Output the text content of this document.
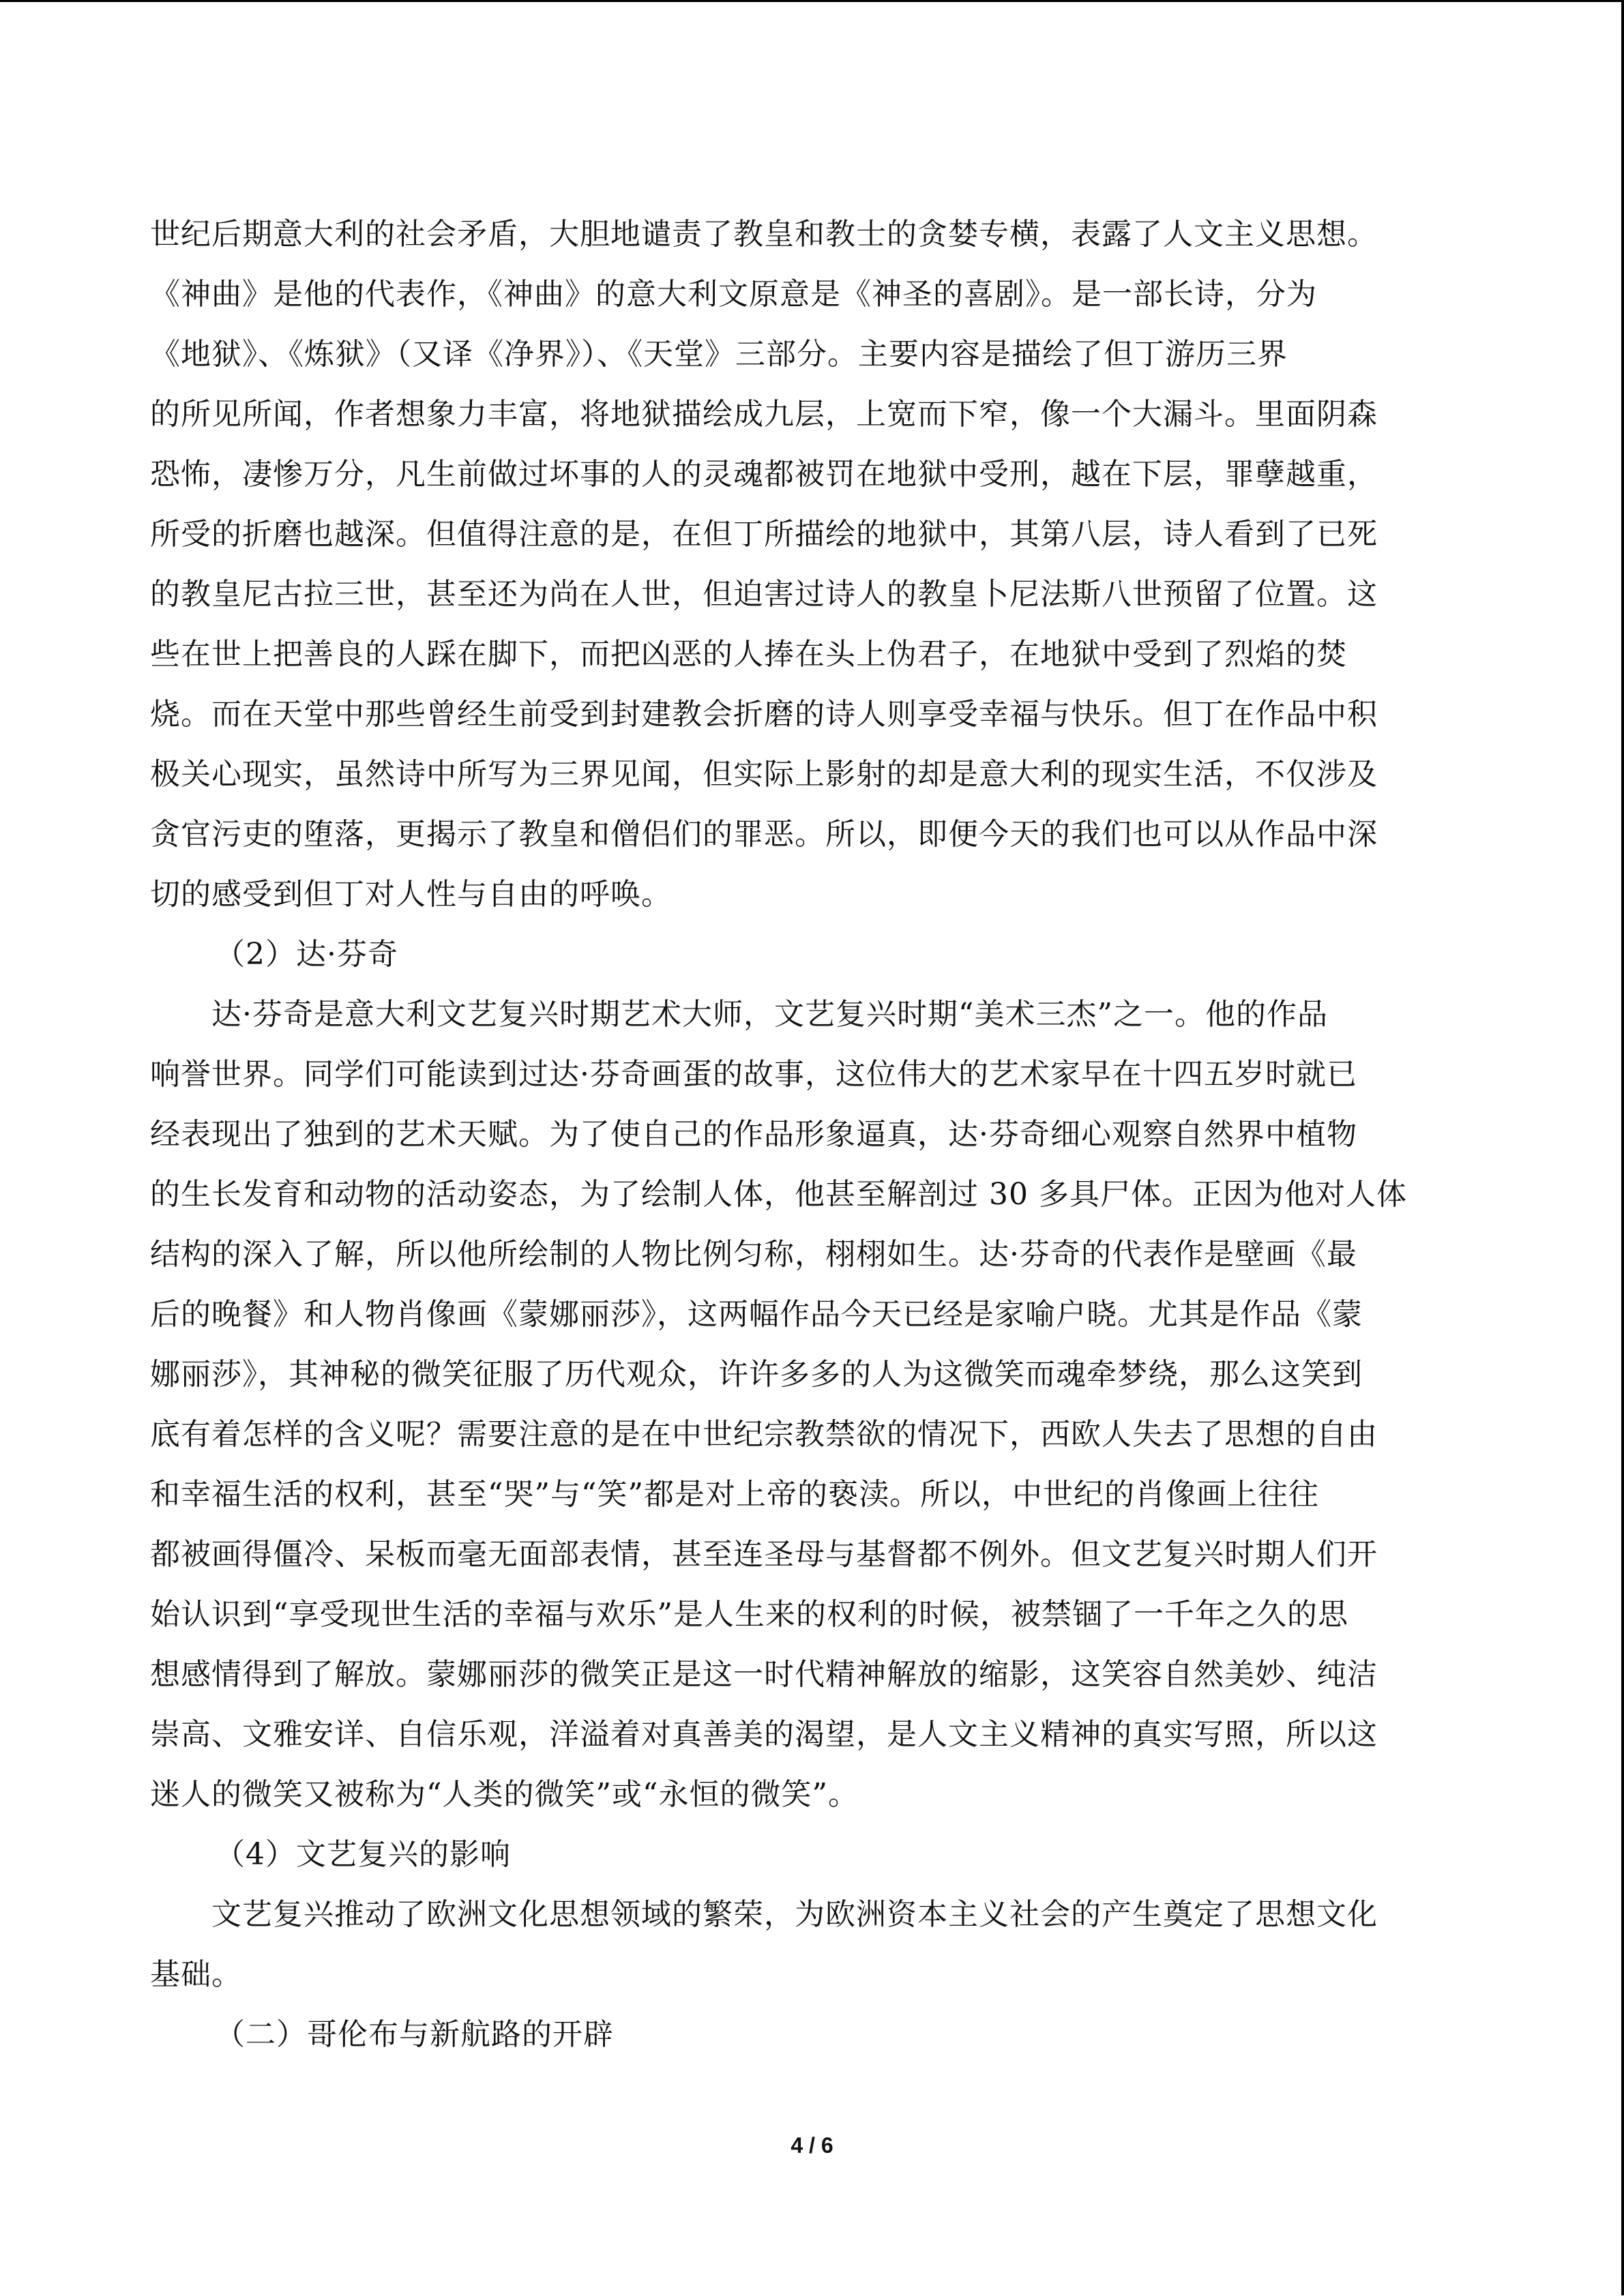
世纪后期意大利的社会矛盾，大胆地谴责了教皇和教士的贪婪专横，表露了人文主义思想。
《神曲》是他的代表作，《神曲》的意大利文原意是《神圣的喜剧》。是一部长诗，分为
《地狱》、《炼狱》（又译《净界》）、《天堂》三部分。主要内容是描绘了但丁游历三界
的所见所闻，作者想象力丰富，将地狱描绘成九层，上宽而下窄，像一个大漏斗。里面阴森
恐怖，凄惨万分，凡生前做过坏事的人的灵魂都被罚在地狱中受刑，越在下层，罪孽越重，
所受的折磨也越深。但值得注意的是，在但丁所描绘的地狱中，其第八层，诗人看到了已死
的教皇尼古拉三世，甚至还为尚在人世，但迫害过诗人的教皇卜尼法斯八世预留了位置。这
些在世上把善良的人踩在脚下，而把凶恶的人捧在头上伪君子，在地狱中受到了烈焰的焚
烧。而在天堂中那些曾经生前受到封建教会折磨的诗人则享受幸福与快乐。但丁在作品中积
极关心现实，虽然诗中所写为三界见闻，但实际上影射的却是意大利的现实生活，不仅涉及
贪官污吏的堕落，更揭示了教皇和僧侣们的罪恶。所以，即便今天的我们也可以从作品中深
切的感受到但丁对人性与自由的呼唤。
（2）达·芬奇
达·芬奇是意大利文艺复兴时期艺术大师，文艺复兴时期“美术三杰”之一。他的作品
响誉世界。同学们可能读到过达·芬奇画蛋的故事，这位伟大的艺术家早在十四五岁时就已
经表现出了独到的艺术天赋。为了使自己的作品形象逼真，达·芬奇细心观察自然界中植物
的生长发育和动物的活动姿态，为了绘制人体，他甚至解剖过 30 多具尸体。正因为他对人体
结构的深入了解，所以他所绘制的人物比例匀称，栩栩如生。达·芬奇的代表作是壁画《最
后的晚餐》和人物肖像画《蒙娜丽莎》，这两幅作品今天已经是家喻户晓。尤其是作品《蒙
娜丽莎》，其神秘的微笑征服了历代观众，许许多多的人为这微笑而魂牵梦绕，那么这笑到
底有着怎样的含义呢？需要注意的是在中世纪宗教禁欲的情况下，西欧人失去了思想的自由
和幸福生活的权利，甚至“哭”与“笑”都是对上帝的亵渎。所以，中世纪的肖像画上往往
都被画得僵冷、呆板而毫无面部表情，甚至连圣母与基督都不例外。但文艺复兴时期人们开
始认识到“享受现世生活的幸福与欢乐”是人生来的权利的时候，被禁锢了一千年之久的思
想感情得到了解放。蒙娜丽莎的微笑正是这一时代精神解放的缩影，这笑容自然美妙、纯洁
崇高、文雅安详、自信乐观，洋溢着对真善美的渴望，是人文主义精神的真实写照，所以这
迷人的微笑又被称为“人类的微笑”或“永恒的微笑”。
（4）文艺复兴的影响
文艺复兴推动了欧洲文化思想领域的繁荣，为欧洲资本主义社会的产生奠定了思想文化
基础。
（二）哥伦布与新航路的开辟
4 / 6
